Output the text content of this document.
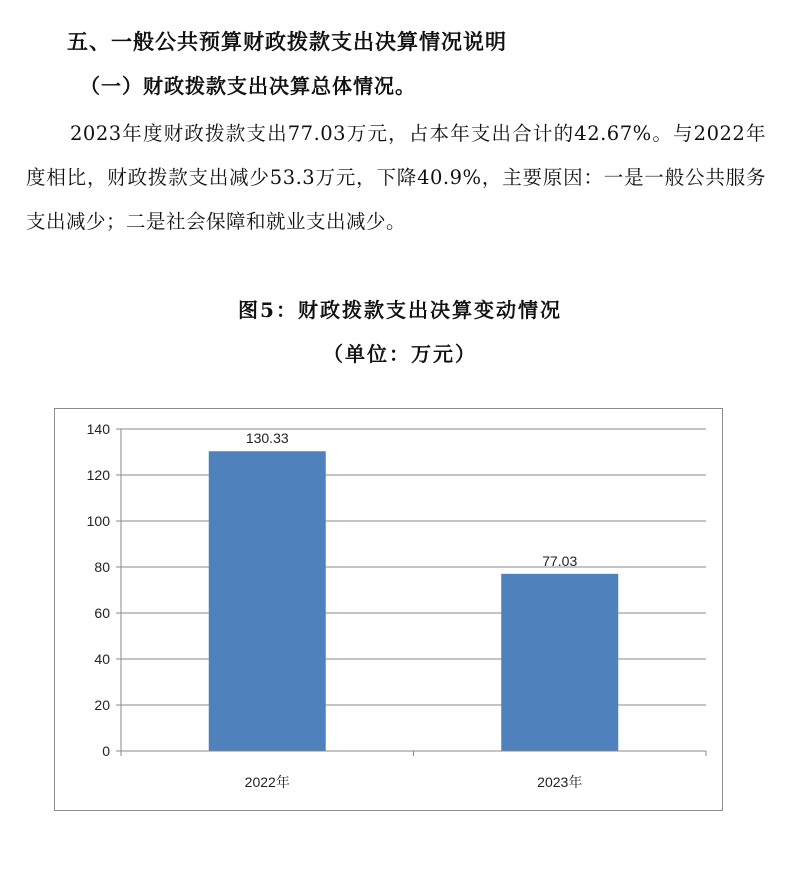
五、一般公共预算财政拨款支出决算情况说明
（一）财政拨款支出决算总体情况。
2023年度财政拨款支出77.03万元，占本年支出合计的42.67%。与2022年度相比，财政拨款支出减少53.3万元，下降40.9%，主要原因：一是一般公共服务支出减少；二是社会保障和就业支出减少。
图5：财政拨款支出决算变动情况
（单位：万元）
0
20
40
60
80
100
120
140
130.33
2022年
77.03
2023年
